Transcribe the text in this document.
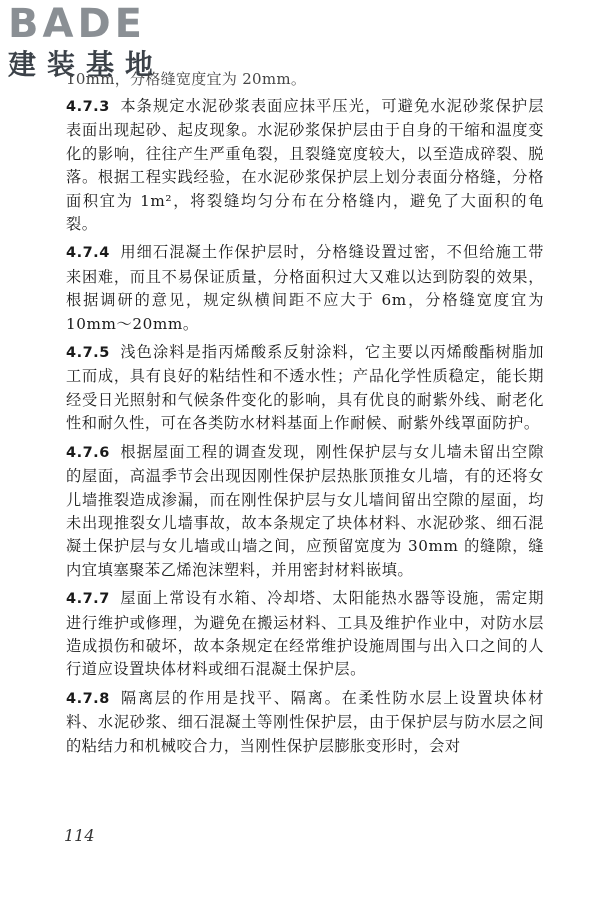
BADE
建装基地
10mm，分格缝宽度宜为 20mm。

4.7.3 本条规定水泥砂浆表面应抹平压光，可避免水泥砂浆保护层表面出现起砂、起皮现象。水泥砂浆保护层由于自身的干缩和温度变化的影响，往往产生严重龟裂，且裂缝宽度较大，以至造成碎裂、脱落。根据工程实践经验，在水泥砂浆保护层上划分表面分格缝，分格面积宜为 1m²，将裂缝均匀分布在分格缝内，避免了大面积的龟裂。

4.7.4 用细石混凝土作保护层时，分格缝设置过密，不但给施工带来困难，而且不易保证质量，分格面积过大又难以达到防裂的效果，根据调研的意见，规定纵横间距不应大于 6m，分格缝宽度宜为 10mm～20mm。

4.7.5 浅色涂料是指丙烯酸系反射涂料，它主要以丙烯酸酯树脂加工而成，具有良好的粘结性和不透水性；产品化学性质稳定，能长期经受日光照射和气候条件变化的影响，具有优良的耐紫外线、耐老化性和耐久性，可在各类防水材料基面上作耐候、耐紫外线罩面防护。

4.7.6 根据屋面工程的调查发现，刚性保护层与女儿墙未留出空隙的屋面，高温季节会出现因刚性保护层热胀顶推女儿墙，有的还将女儿墙推裂造成渗漏，而在刚性保护层与女儿墙间留出空隙的屋面，均未出现推裂女儿墙事故，故本条规定了块体材料、水泥砂浆、细石混凝土保护层与女儿墙或山墙之间，应预留宽度为 30mm 的缝隙，缝内宜填塞聚苯乙烯泡沫塑料，并用密封材料嵌填。

4.7.7 屋面上常设有水箱、冷却塔、太阳能热水器等设施，需定期进行维护或修理，为避免在搬运材料、工具及维护作业中，对防水层造成损伤和破坏，故本条规定在经常维护设施周围与出入口之间的人行道应设置块体材料或细石混凝土保护层。

4.7.8 隔离层的作用是找平、隔离。在柔性防水层上设置块体材料、水泥砂浆、细石混凝土等刚性保护层，由于保护层与防水层之间的粘结力和机械咬合力，当刚性保护层膨胀变形时，会对

114
